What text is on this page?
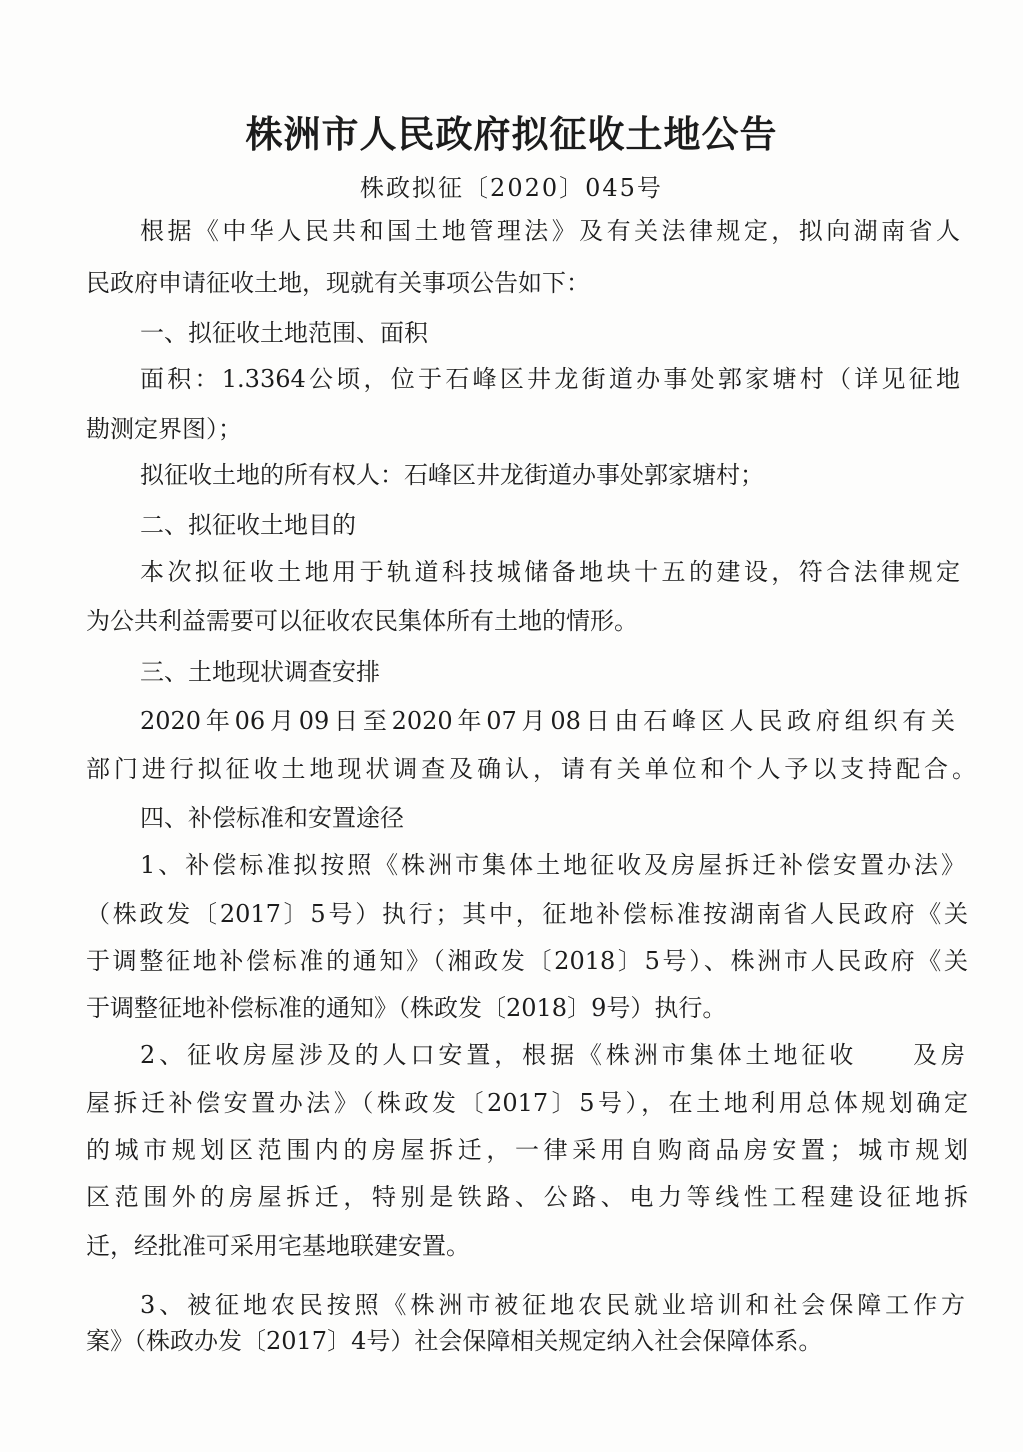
株洲市人民政府拟征收土地公告
株政拟征〔2020〕045号
根据《中华人民共和国土地管理法》及有关法律规定，拟向湖南省人
民政府申请征收土地，现就有关事项公告如下：
一、拟征收土地范围、面积
面积：1.3364公顷，位于石峰区井龙街道办事处郭家塘村（详见征地
勘测定界图）；
拟征收土地的所有权人：石峰区井龙街道办事处郭家塘村；
二、拟征收土地目的
本次拟征收土地用于轨道科技城储备地块十五的建设，符合法律规定
为公共利益需要可以征收农民集体所有土地的情形。
三、土地现状调查安排
2020年06月09日至2020年07月08日由石峰区人民政府组织有关
部门进行拟征收土地现状调查及确认，请有关单位和个人予以支持配合。
四、补偿标准和安置途径
1、补偿标准拟按照《株洲市集体土地征收及房屋拆迁补偿安置办法》
（株政发〔2017〕5号）执行；其中，征地补偿标准按湖南省人民政府《关
于调整征地补偿标准的通知》（湘政发〔2018〕5号）、株洲市人民政府《关
于调整征地补偿标准的通知》（株政发〔2018〕9号）执行。
2、征收房屋涉及的人口安置，根据《株洲市集体土地征收　　及房
屋拆迁补偿安置办法》（株政发〔2017〕5号），在土地利用总体规划确定
的城市规划区范围内的房屋拆迁，一律采用自购商品房安置；城市规划
区范围外的房屋拆迁，特别是铁路、公路、电力等线性工程建设征地拆
迁，经批准可采用宅基地联建安置。
3、被征地农民按照《株洲市被征地农民就业培训和社会保障工作方
案》（株政办发〔2017〕4号）社会保障相关规定纳入社会保障体系。
